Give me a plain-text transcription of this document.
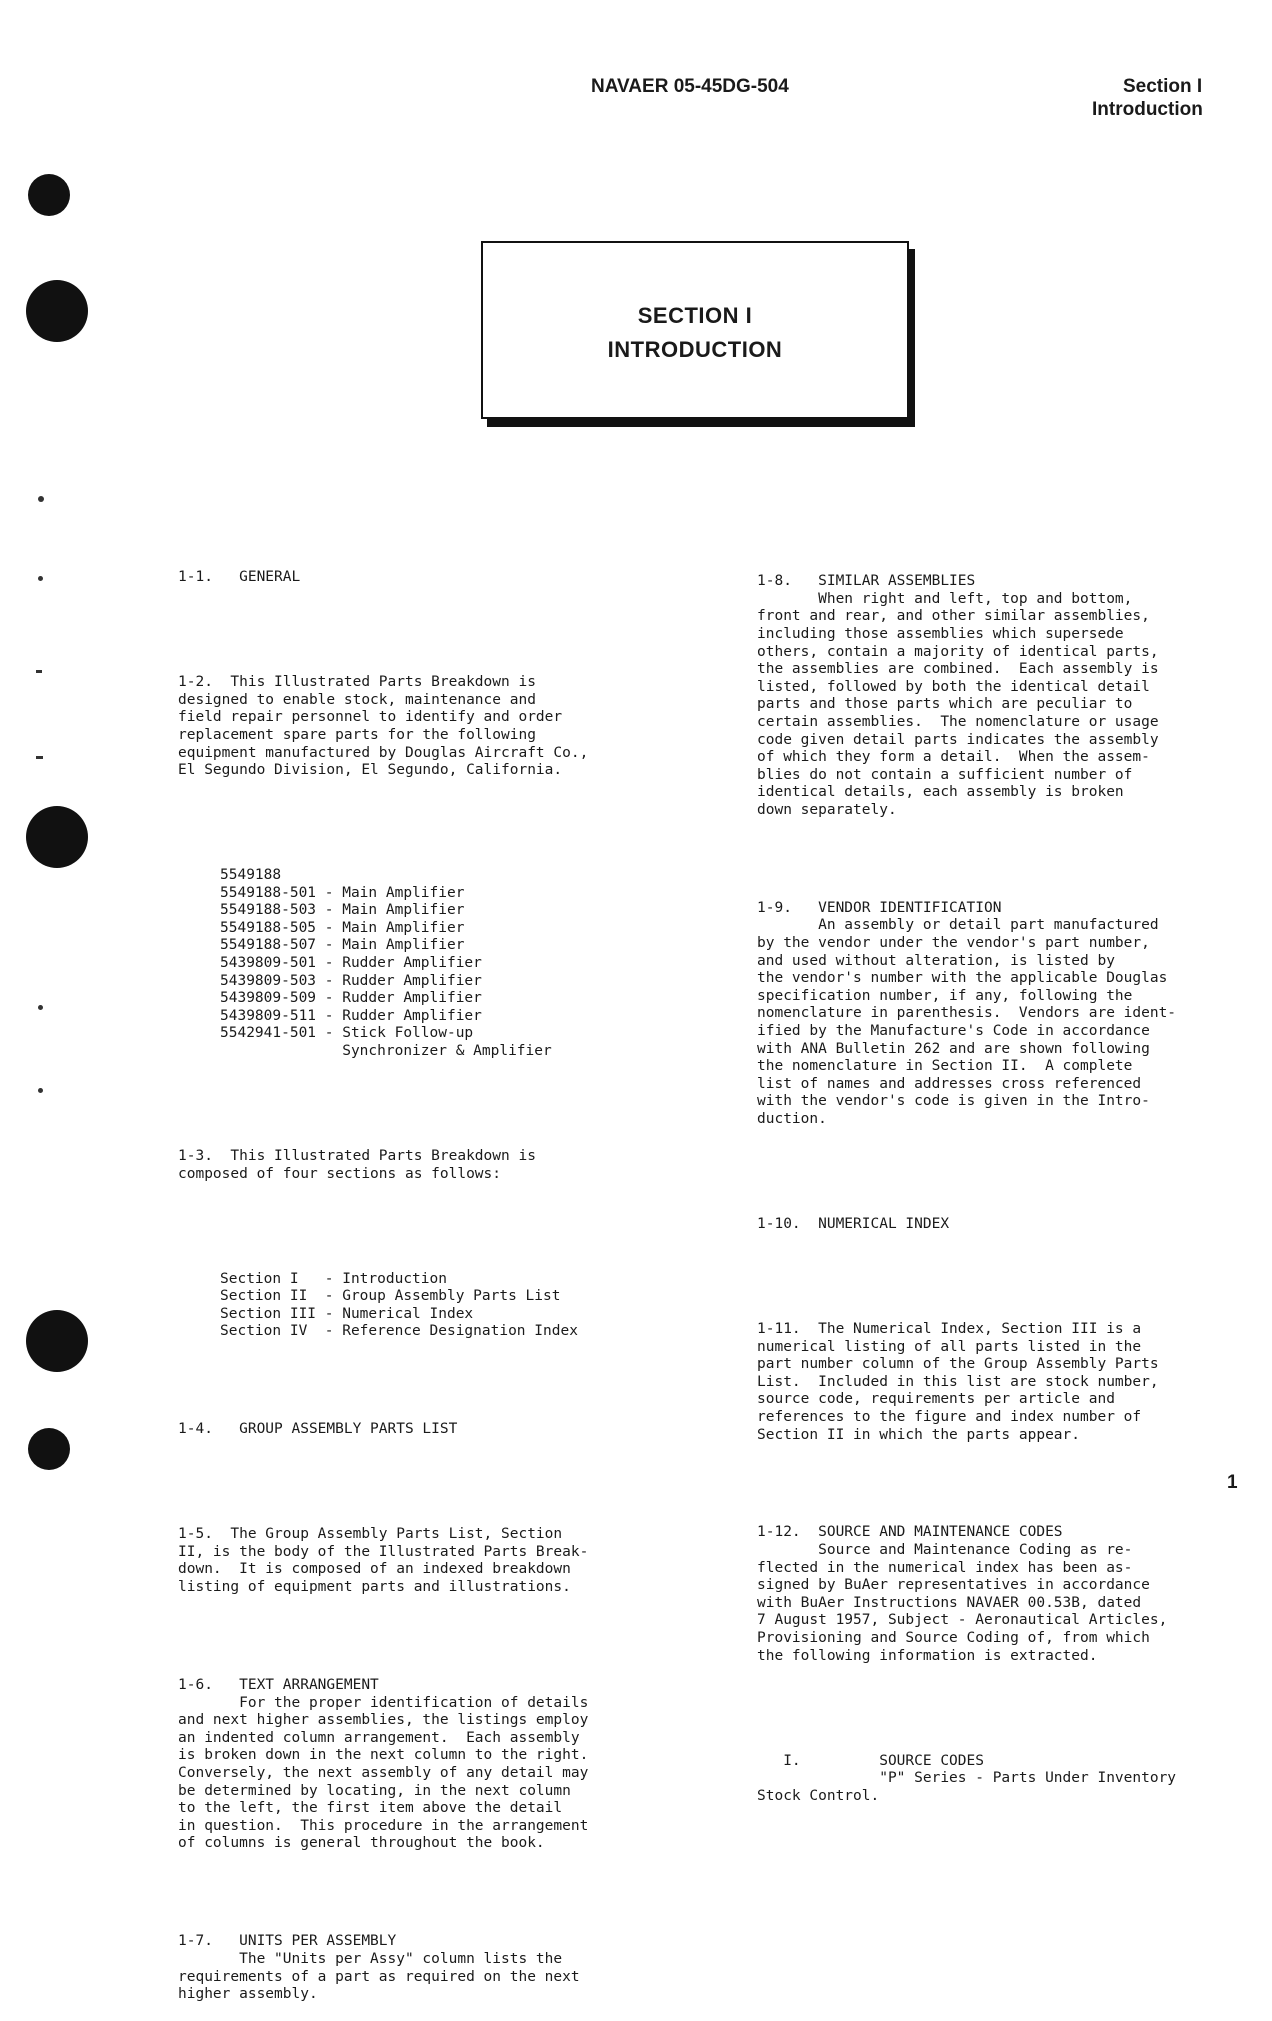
NAVAER 05-45DG-504	Section I
Introduction
SECTION I
INTRODUCTION

1-1.   GENERAL

1-2.  This Illustrated Parts Breakdown is
designed to enable stock, maintenance and
field repair personnel to identify and order
replacement spare parts for the following
equipment manufactured by Douglas Aircraft Co.,
El Segundo Division, El Segundo, California.

5549188
5549188-501 - Main Amplifier
5549188-503 - Main Amplifier
5549188-505 - Main Amplifier
5549188-507 - Main Amplifier
5439809-501 - Rudder Amplifier
5439809-503 - Rudder Amplifier
5439809-509 - Rudder Amplifier
5439809-511 - Rudder Amplifier
5542941-501 - Stick Follow-up
Synchronizer & Amplifier

1-3.  This Illustrated Parts Breakdown is
composed of four sections as follows:

Section I   - Introduction
Section II  - Group Assembly Parts List
Section III - Numerical Index
Section IV  - Reference Designation Index

1-4.   GROUP ASSEMBLY PARTS LIST

1-5.  The Group Assembly Parts List, Section
II, is the body of the Illustrated Parts Break-
down.  It is composed of an indexed breakdown
listing of equipment parts and illustrations.

1-6.   TEXT ARRANGEMENT
For the proper identification of details
and next higher assemblies, the listings employ
an indented column arrangement.  Each assembly
is broken down in the next column to the right.
Conversely, the next assembly of any detail may
be determined by locating, in the next column
to the left, the first item above the detail
in question.  This procedure in the arrangement
of columns is general throughout the book.

1-7.   UNITS PER ASSEMBLY
The "Units per Assy" column lists the
requirements of a part as required on the next
higher assembly.

1-8.   SIMILAR ASSEMBLIES
When right and left, top and bottom,
front and rear, and other similar assemblies,
including those assemblies which supersede
others, contain a majority of identical parts,
the assemblies are combined.  Each assembly is
listed, followed by both the identical detail
parts and those parts which are peculiar to
certain assemblies.  The nomenclature or usage
code given detail parts indicates the assembly
of which they form a detail.  When the assem-
blies do not contain a sufficient number of
identical details, each assembly is broken
down separately.

1-9.   VENDOR IDENTIFICATION
An assembly or detail part manufactured
by the vendor under the vendor's part number,
and used without alteration, is listed by
the vendor's number with the applicable Douglas
specification number, if any, following the
nomenclature in parenthesis.  Vendors are ident-
ified by the Manufacture's Code in accordance
with ANA Bulletin 262 and are shown following
the nomenclature in Section II.  A complete
list of names and addresses cross referenced
with the vendor's code is given in the Intro-
duction.

1-10.  NUMERICAL INDEX

1-11.  The Numerical Index, Section III is a
numerical listing of all parts listed in the
part number column of the Group Assembly Parts
List.  Included in this list are stock number,
source code, requirements per article and
references to the figure and index number of
Section II in which the parts appear.

1-12.  SOURCE AND MAINTENANCE CODES
Source and Maintenance Coding as re-
flected in the numerical index has been as-
signed by BuAer representatives in accordance
with BuAer Instructions NAVAER 00.53B, dated
7 August 1957, Subject - Aeronautical Articles,
Provisioning and Source Coding of, from which
the following information is extracted.

I.         SOURCE CODES
"P" Series - Parts Under Inventory
Stock Control.

1
